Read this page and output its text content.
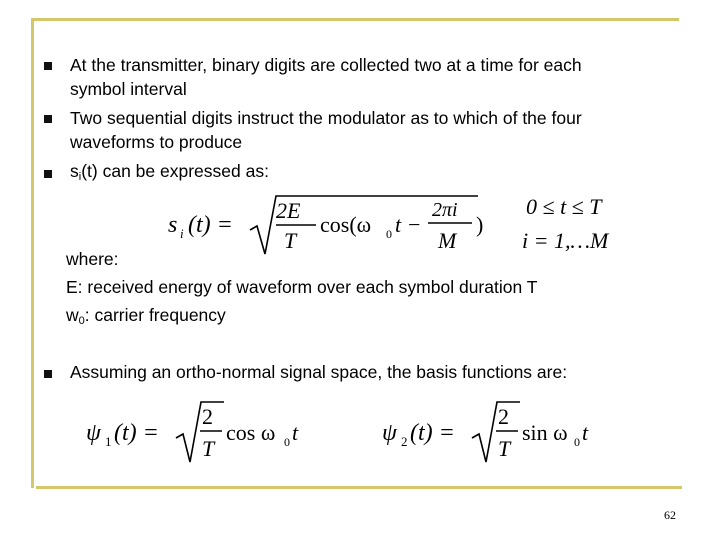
At the transmitter, binary digits are collected two at a time for each
symbol interval
Two sequential digits instruct the modulator as to which of the four
waveforms to produce
$s_i(t)$ can be expressed as:
s i (t) =
2E
T
cos(ω 0 t −
2πi
M
)
0 ≤ t ≤ T
i = 1,…M
where:
E: received energy of waveform over each symbol duration T
$w_0$: carrier frequency
Assuming an ortho-normal signal space, the basis functions are:
ψ 1 (t) =
2
T
cos ω 0 t	ψ 2 (t) =
2
T
sin ω 0 t
62
